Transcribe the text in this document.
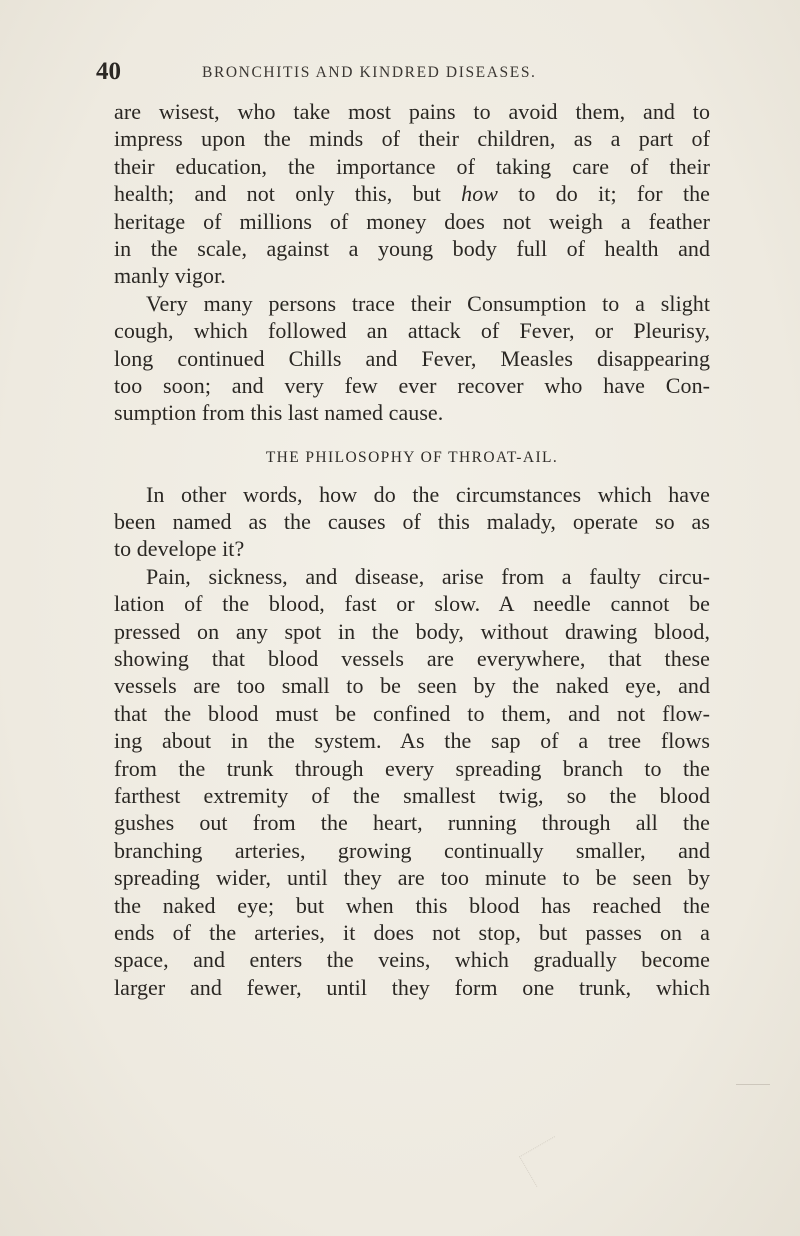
40	BRONCHITIS AND KINDRED DISEASES.
are wisest, who take most pains to avoid them, and to
impress upon the minds of their children, as a part of
their education, the importance of taking care of their
health; and not only this, but how to do it; for the
heritage of millions of money does not weigh a feather
in the scale, against a young body full of health and
manly vigor.
Very many persons trace their Consumption to a slight
cough, which followed an attack of Fever, or Pleurisy,
long continued Chills and Fever, Measles disappearing
too soon; and very few ever recover who have Con-
sumption from this last named cause.
THE PHILOSOPHY OF THROAT-AIL.
In other words, how do the circumstances which have
been named as the causes of this malady, operate so as
to develope it?
Pain, sickness, and disease, arise from a faulty circu-
lation of the blood, fast or slow. A needle cannot be
pressed on any spot in the body, without drawing blood,
showing that blood vessels are everywhere, that these
vessels are too small to be seen by the naked eye, and
that the blood must be confined to them, and not flow-
ing about in the system. As the sap of a tree flows
from the trunk through every spreading branch to the
farthest extremity of the smallest twig, so the blood
gushes out from the heart, running through all the
branching arteries, growing continually smaller, and
spreading wider, until they are too minute to be seen by
the naked eye; but when this blood has reached the
ends of the arteries, it does not stop, but passes on a
space, and enters the veins, which gradually become
larger and fewer, until they form one trunk, which
